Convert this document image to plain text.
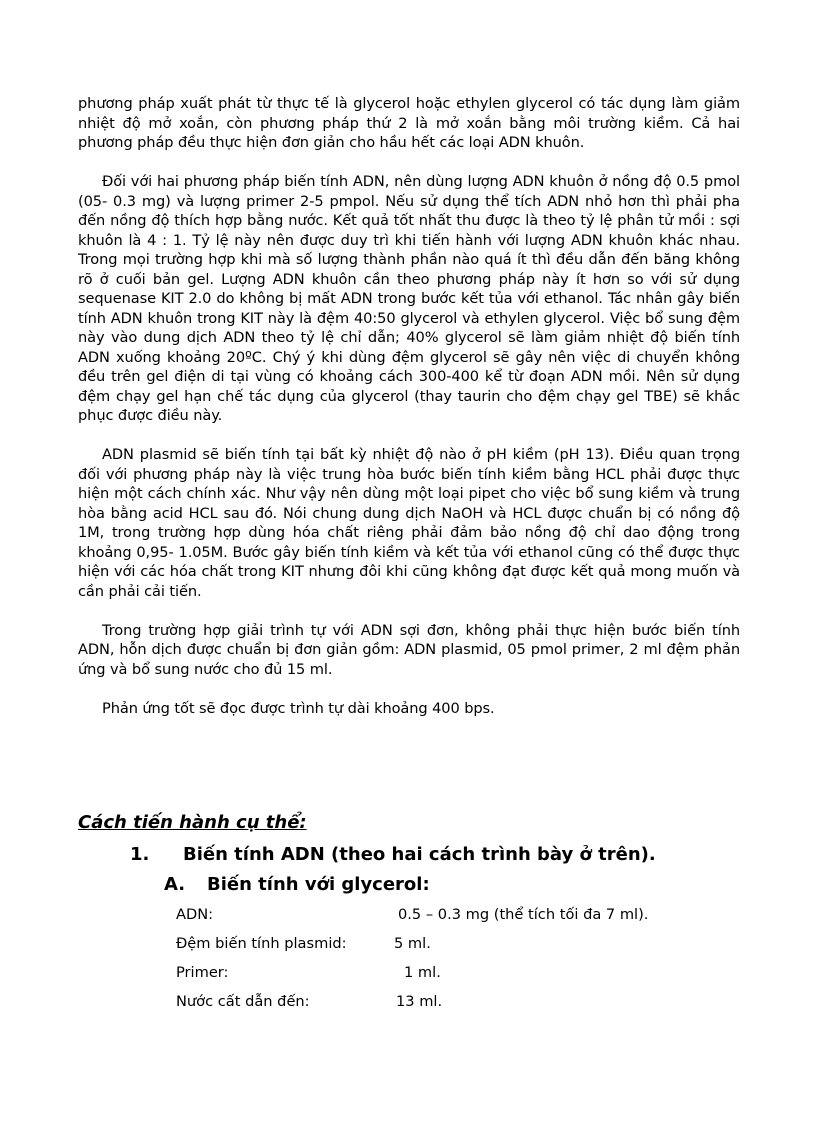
phương pháp xuất phát từ thực tế là glycerol hoặc ethylen glycerol có tác dụng làm giảm nhiệt độ mở xoắn, còn phương pháp thứ 2 là mở xoắn bằng môi trường kiềm. Cả hai phương pháp đều thực hiện đơn giản cho hầu hết các loại ADN khuôn.

Đối với hai phương pháp biến tính ADN, nên dùng lượng ADN khuôn ở nồng độ 0.5 pmol (05- 0.3 mg) và lượng primer 2-5 pmpol. Nếu sử dụng thể tích ADN nhỏ hơn thì phải pha đến nồng độ thích hợp bằng nước. Kết quả tốt nhất thu được là theo tỷ lệ phân tử mồi : sợi khuôn là 4 : 1. Tỷ lệ này nên được duy trì khi tiến hành với lượng ADN khuôn khác nhau. Trong mọi trường hợp khi mà số lượng thành phần nào quá ít thì đều dẫn đến băng không rõ ở cuối bản gel. Lượng ADN khuôn cần theo phương pháp này ít hơn so với sử dụng sequenase KIT 2.0 do không bị mất ADN trong bước kết tủa với ethanol. Tác nhân gây biến tính ADN khuôn trong KIT này là đệm 40:50 glycerol và ethylen glycerol. Việc bổ sung đệm này vào dung dịch ADN theo tỷ lệ chỉ dẫn; 40% glycerol sẽ làm giảm nhiệt độ biến tính ADN xuống khoảng 20ºC. Chý ý khi dùng đệm glycerol sẽ gây nên việc di chuyển không đều trên gel điện di tại vùng có khoảng cách 300-400 kể từ đoạn ADN mồi. Nên sử dụng đệm chạy gel hạn chế tác dụng của glycerol (thay taurin cho đệm chạy gel TBE) sẽ khắc phục được điều này.

ADN plasmid sẽ biến tính tại bất kỳ nhiệt độ nào ở pH kiềm (pH 13). Điều quan trọng đối với phương pháp này là việc trung hòa bước biến tính kiềm bằng HCL phải được thực hiện một cách chính xác. Như vậy nên dùng một loại pipet cho việc bổ sung kiềm và trung hòa bằng acid HCL sau đó. Nói chung dung dịch NaOH và HCL được chuẩn bị có nồng độ 1M, trong trường hợp dùng hóa chất riêng phải đảm bảo nồng độ chỉ dao động trong khoảng 0,95- 1.05M. Bước gây biến tính kiềm và kết tủa với ethanol cũng có thể được thực hiện với các hóa chất trong KIT nhưng đôi khi cũng không đạt được kết quả mong muốn và cần phải cải tiến.

Trong trường hợp giải trình tự với ADN sợi đơn, không phải thực hiện bước biến tính ADN, hỗn dịch được chuẩn bị đơn giản gồm: ADN plasmid, 05 pmol primer, 2 ml đệm phản ứng và bổ sung nước cho đủ 15 ml.

Phản ứng tốt sẽ đọc được trình tự dài khoảng 400 bps.

Cách tiến hành cụ thể:

1. Biến tính ADN (theo hai cách trình bày ở trên).

A. Biến tính với glycerol:

ADN:	0.5 – 0.3 mg (thể tích tối đa 7 ml).
Đệm biến tính plasmid:	5 ml.
Primer:	1 ml.
Nước cất dẫn đến:	13 ml.
